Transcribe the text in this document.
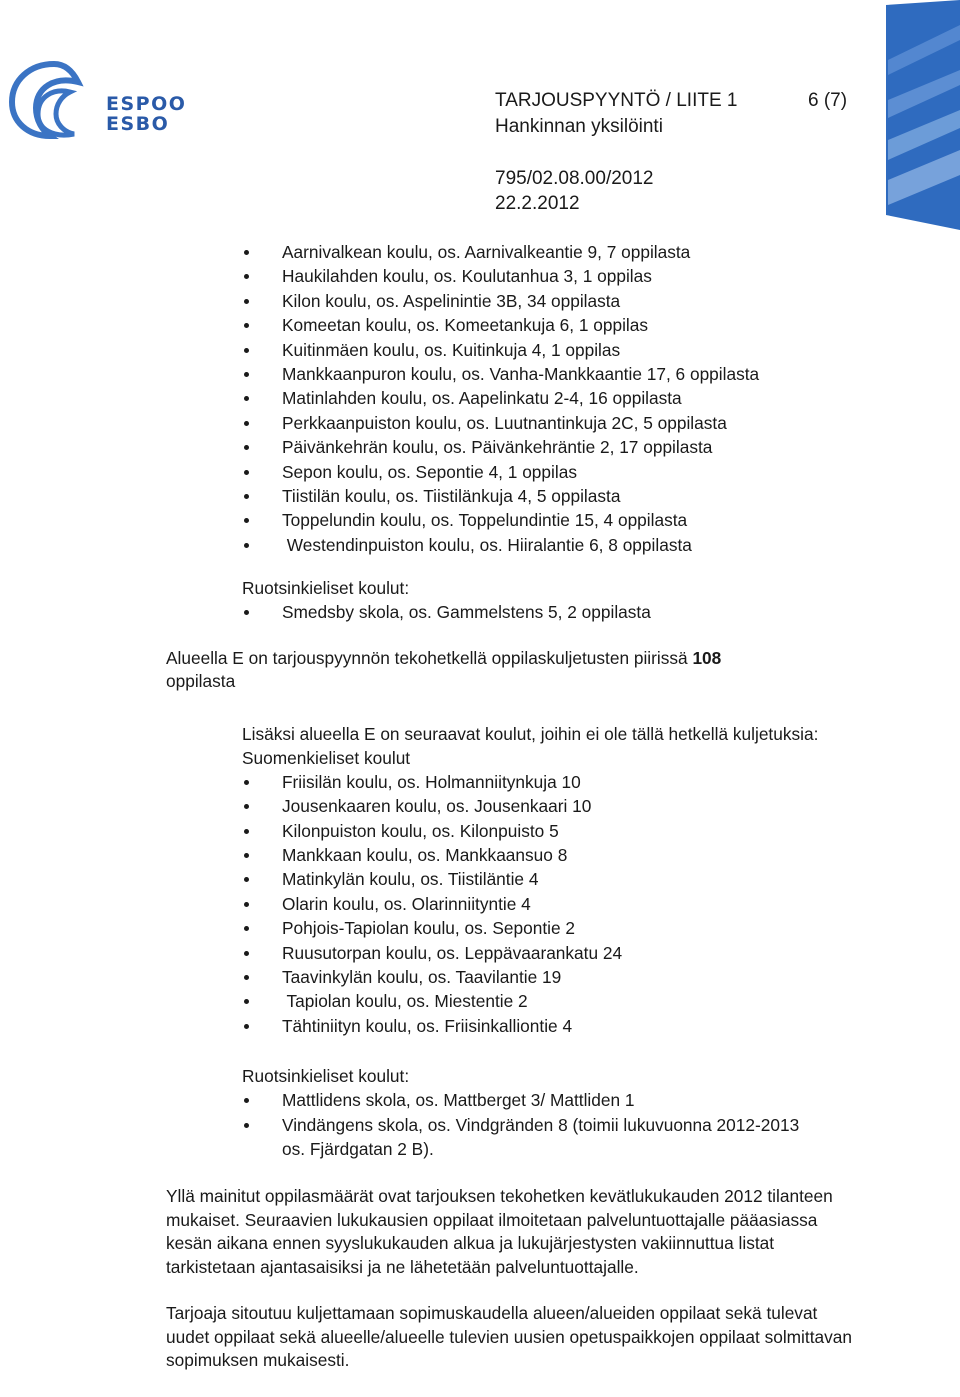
ESPOO
ESBO
TARJOUSPYYNTÖ / LIITE 1	6 (7)
Hankinnan yksilöinti
795/02.08.00/2012
22.2.2012
Aarnivalkean koulu, os. Aarnivalkeantie 9, 7 oppilasta
Haukilahden koulu, os. Koulutanhua 3, 1 oppilas
Kilon koulu, os. Aspelinintie 3B, 34 oppilasta
Komeetan koulu, os. Komeetankuja 6, 1 oppilas
Kuitinmäen koulu, os. Kuitinkuja 4, 1 oppilas
Mankkaanpuron koulu, os. Vanha-Mankkaantie 17, 6 oppilasta
Matinlahden koulu, os. Aapelinkatu 2-4, 16 oppilasta
Perkkaanpuiston koulu, os. Luutnantinkuja 2C, 5 oppilasta
Päivänkehrän koulu, os. Päivänkehräntie 2, 17 oppilasta
Sepon koulu, os. Sepontie 4, 1 oppilas
Tiistilän koulu, os. Tiistilänkuja 4, 5 oppilasta
Toppelundin koulu, os. Toppelundintie 15, 4 oppilasta
Westendinpuiston koulu, os. Hiiralantie 6, 8 oppilasta
Ruotsinkieliset koulut:
Smedsby skola, os. Gammelstens 5, 2 oppilasta
Alueella E on tarjouspyynnön tekohetkellä oppilaskuljetusten piirissä 108
oppilasta
Lisäksi alueella E on seuraavat koulut, joihin ei ole tällä hetkellä kuljetuksia:
Suomenkieliset koulut
Friisilän koulu, os. Holmanniitynkuja 10
Jousenkaaren koulu, os. Jousenkaari 10
Kilonpuiston koulu, os. Kilonpuisto 5
Mankkaan koulu, os. Mankkaansuo 8
Matinkylän koulu, os. Tiistiläntie 4
Olarin koulu, os. Olarinniityntie 4
Pohjois-Tapiolan koulu, os. Sepontie 2
Ruusutorpan koulu, os. Leppävaarankatu 24
Taavinkylän koulu, os. Taavilantie 19
Tapiolan koulu, os. Miestentie 2
Tähtiniityn koulu, os. Friisinkalliontie 4
Ruotsinkieliset koulut:
Mattlidens skola, os. Mattberget 3/ Mattliden 1
Vindängens skola, os. Vindgränden 8 (toimii lukuvuonna 2012-2013 os. Fjärdgatan 2 B).
Yllä mainitut oppilasmäärät ovat tarjouksen tekohetken kevätlukukauden 2012 tilanteen mukaiset. Seuraavien lukukausien oppilaat ilmoitetaan palveluntuottajalle pääasiassa kesän aikana ennen syyslukukauden alkua ja lukujärjestysten vakiinnuttua listat tarkistetaan ajantasaisiksi ja ne lähetetään palveluntuottajalle.
Tarjoaja sitoutuu kuljettamaan sopimuskaudella alueen/alueiden oppilaat sekä tulevat uudet oppilaat sekä alueelle/alueelle tulevien uusien opetuspaikkojen oppilaat solmittavan sopimuksen mukaisesti.
